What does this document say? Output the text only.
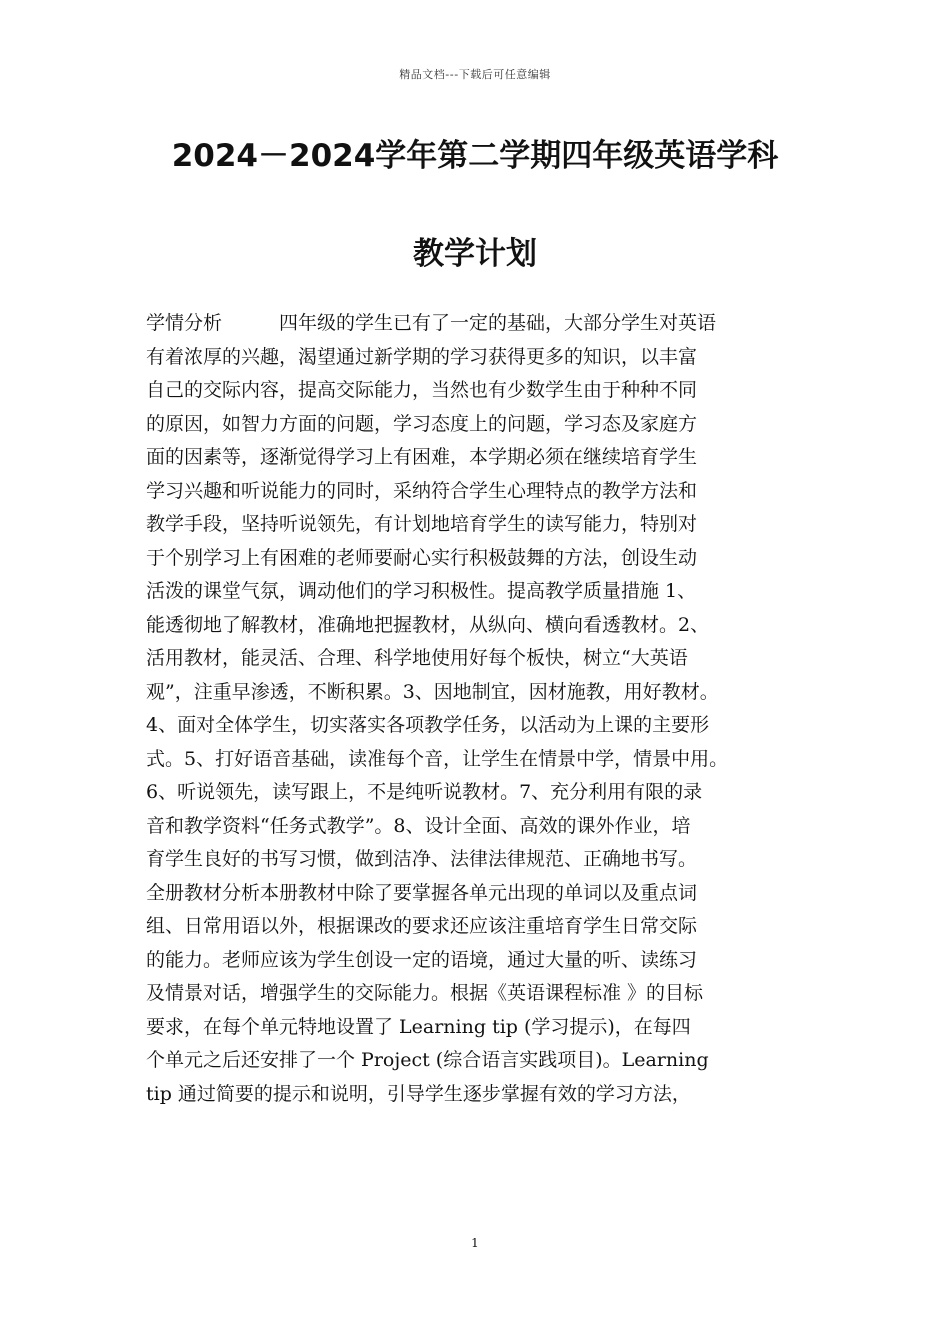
精品文档---下载后可任意编辑
2024－2024学年第二学期四年级英语学科
教学计划
学情分析　　　四年级的学生已有了一定的基础，大部分学生对英语
有着浓厚的兴趣，渴望通过新学期的学习获得更多的知识，以丰富
自己的交际内容，提高交际能力，当然也有少数学生由于种种不同
的原因，如智力方面的问题，学习态度上的问题，学习态及家庭方
面的因素等，逐渐觉得学习上有困难，本学期必须在继续培育学生
学习兴趣和听说能力的同时，采纳符合学生心理特点的教学方法和
教学手段，坚持听说领先，有计划地培育学生的读写能力，特别对
于个别学习上有困难的老师要耐心实行积极鼓舞的方法，创设生动
活泼的课堂气氛，调动他们的学习积极性。提高教学质量措施 1、
能透彻地了解教材，准确地把握教材，从纵向、横向看透教材。2、
活用教材，能灵活、合理、科学地使用好每个板快，树立“大英语
观”，注重早渗透，不断积累。3、因地制宜，因材施教，用好教材。
4、面对全体学生，切实落实各项教学任务，以活动为上课的主要形
式。5、打好语音基础，读准每个音，让学生在情景中学，情景中用。
6、听说领先，读写跟上，不是纯听说教材。7、充分利用有限的录
音和教学资料“任务式教学”。8、设计全面、高效的课外作业，培
育学生良好的书写习惯，做到洁净、法律法律规范、正确地书写。
全册教材分析本册教材中除了要掌握各单元出现的单词以及重点词
组、日常用语以外，根据课改的要求还应该注重培育学生日常交际
的能力。老师应该为学生创设一定的语境，通过大量的听、读练习
及情景对话，增强学生的交际能力。根据《英语课程标准 》的目标
要求，在每个单元特地设置了 Learning tip (学习提示)，在每四
个单元之后还安排了一个 Project (综合语言实践项目)。Learning
tip 通过简要的提示和说明，引导学生逐步掌握有效的学习方法，
1
